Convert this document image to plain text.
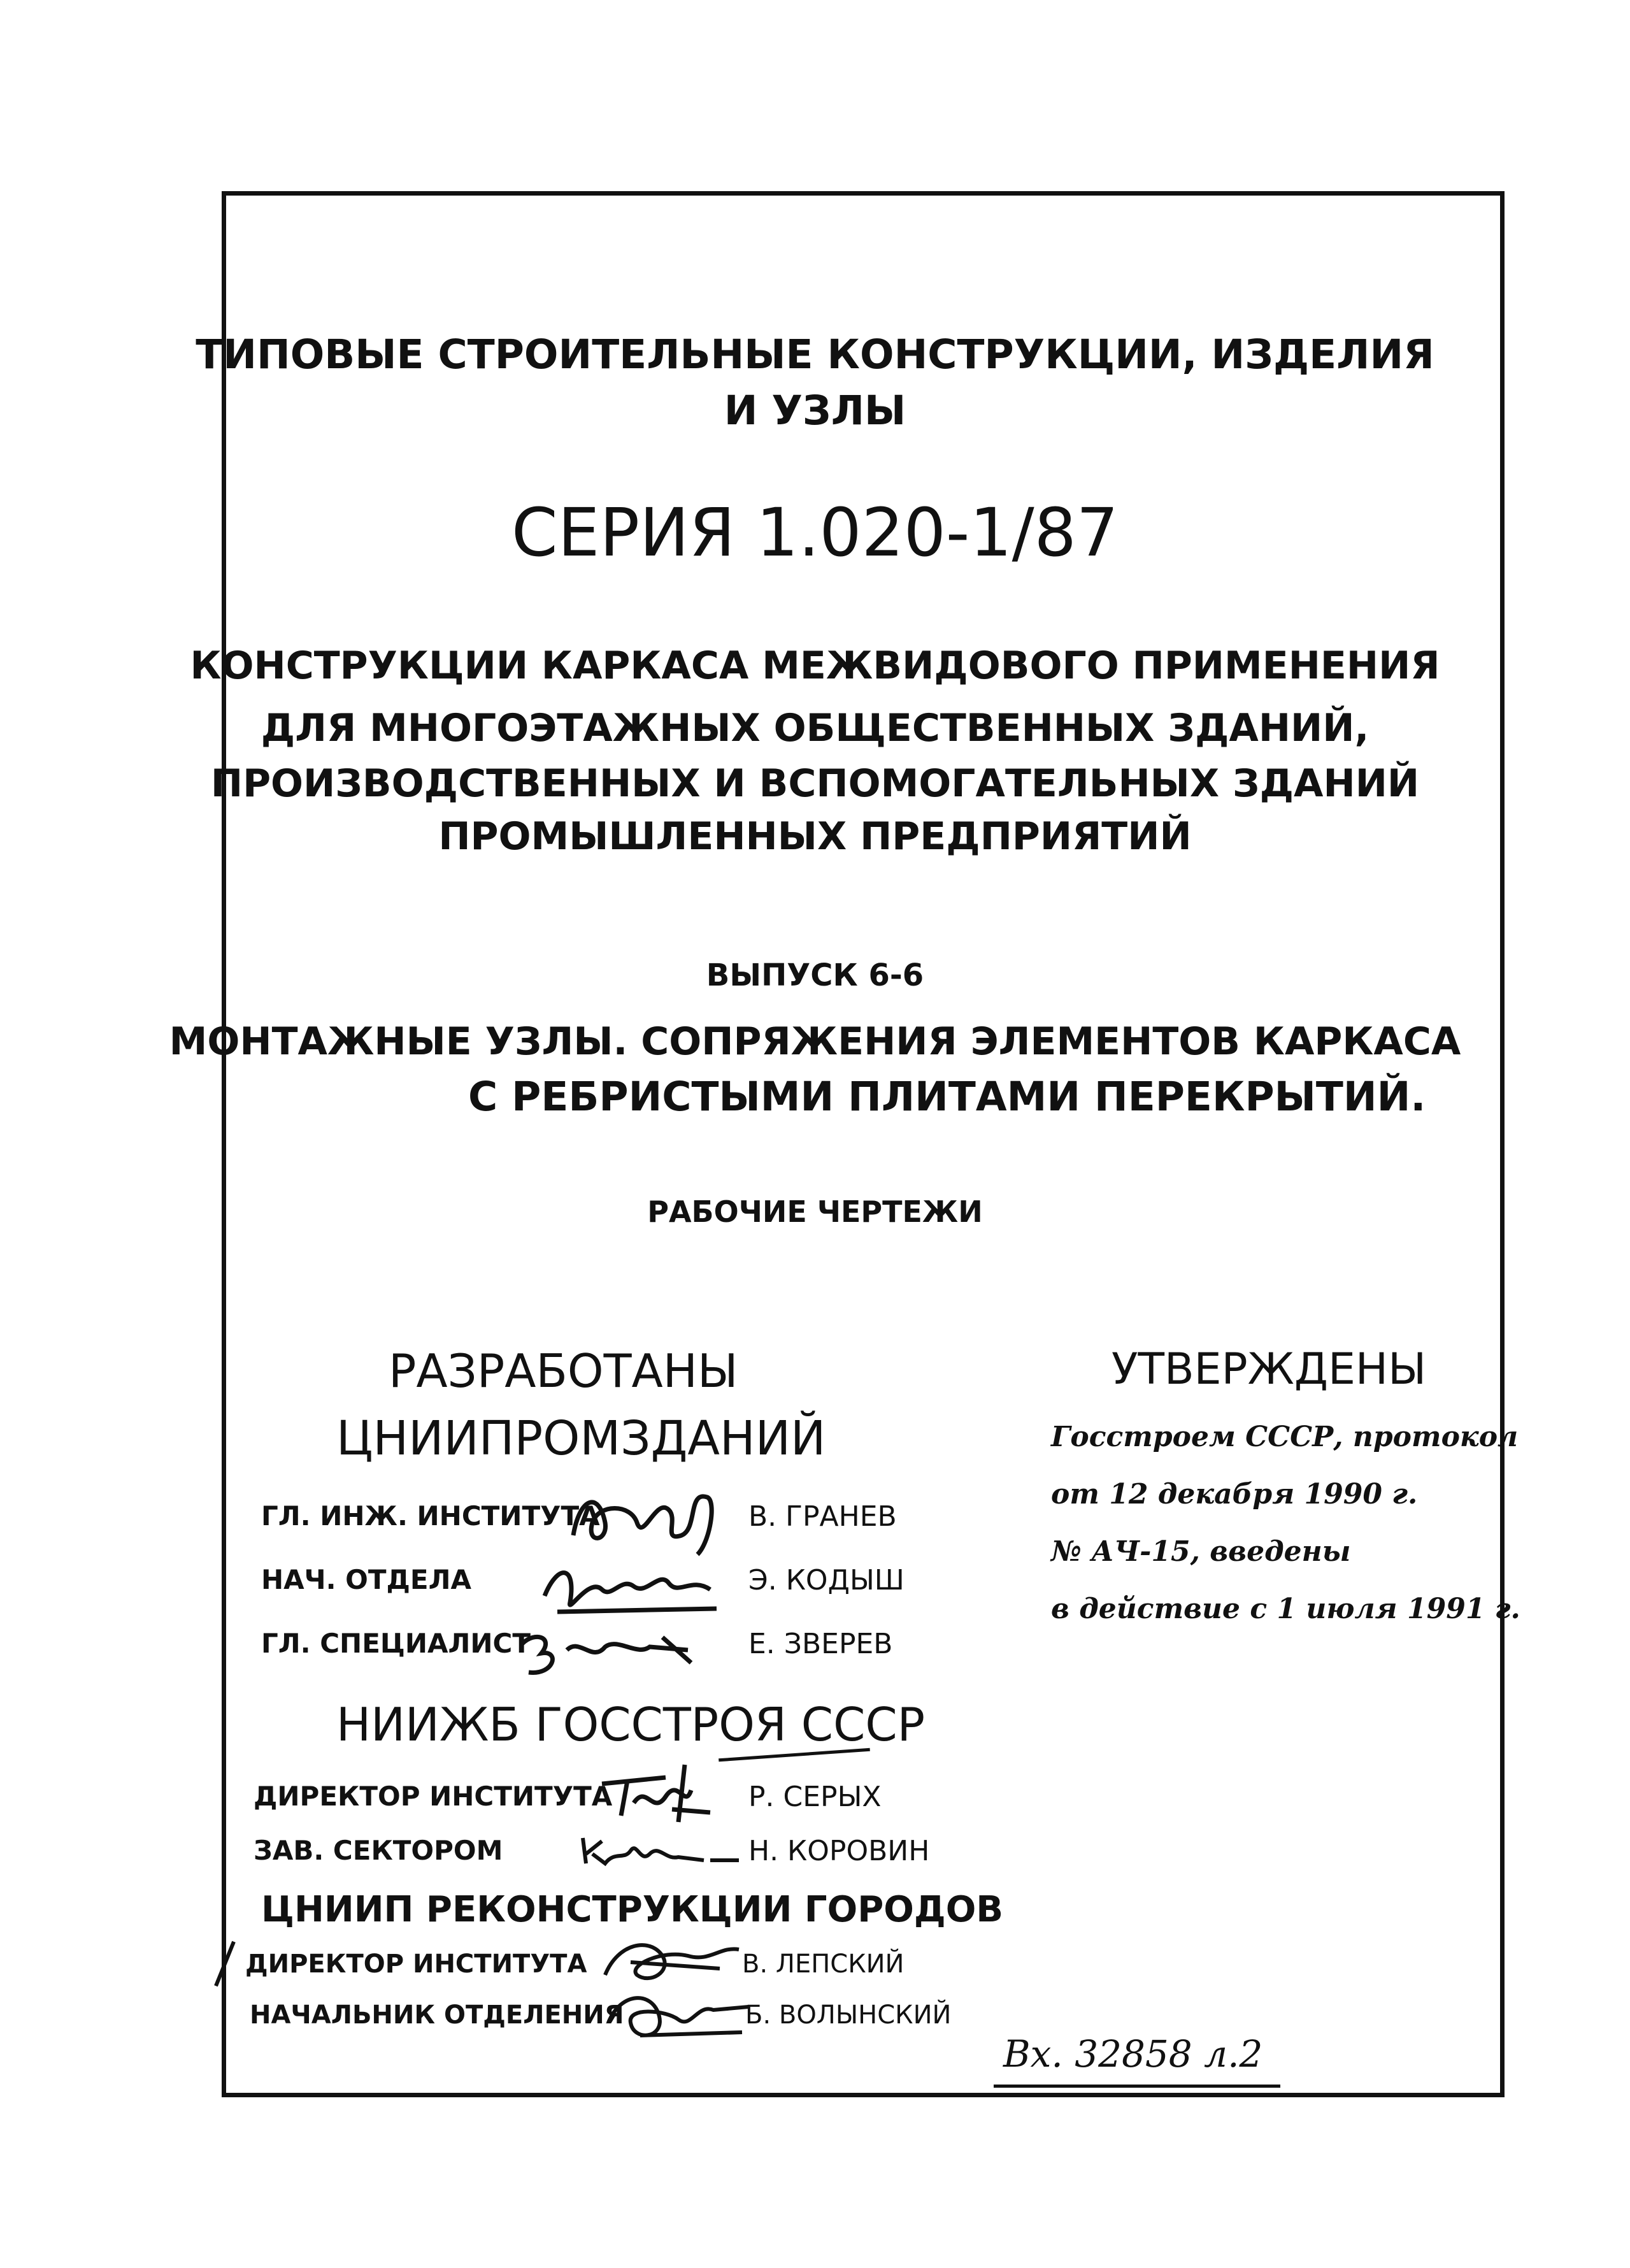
ТИПОВЫЕ СТРОИТЕЛЬНЫЕ КОНСТРУКЦИИ, ИЗДЕЛИЯ
И УЗЛЫ
СЕРИЯ 1.020-1/87
КОНСТРУКЦИИ КАРКАСА МЕЖВИДОВОГО ПРИМЕНЕНИЯ
ДЛЯ МНОГОЭТАЖНЫХ ОБЩЕСТВЕННЫХ ЗДАНИЙ,
ПРОИЗВОДСТВЕННЫХ И ВСПОМОГАТЕЛЬНЫХ ЗДАНИЙ
ПРОМЫШЛЕННЫХ ПРЕДПРИЯТИЙ
ВЫПУСК 6-6
МОНТАЖНЫЕ УЗЛЫ. СОПРЯЖЕНИЯ ЭЛЕМЕНТОВ КАРКАСА
С РЕБРИСТЫМИ ПЛИТАМИ ПЕРЕКРЫТИЙ.
РАБОЧИЕ ЧЕРТЕЖИ
РАЗРАБОТАНЫ
ЦНИИПРОМЗДАНИЙ
ГЛ. ИНЖ. ИНСТИТУТА
НАЧ. ОТДЕЛА
ГЛ. СПЕЦИАЛИСТ
В. ГРАНЕВ
Э. КОДЫШ
Е. ЗВЕРЕВ
НИИЖБ ГОССТРОЯ СССР
ДИРЕКТОР ИНСТИТУТА
ЗАВ. СЕКТОРОМ
Р. СЕРЫХ
Н. КОРОВИН
ЦНИИП РЕКОНСТРУКЦИИ ГОРОДОВ
ДИРЕКТОР ИНСТИТУТА
НАЧАЛЬНИК ОТДЕЛЕНИЯ
В. ЛЕПСКИЙ
Б. ВОЛЫНСКИЙ
УТВЕРЖДЕНЫ
Госстроем СССР, протокол
от 12 декабря 1990 г.
№ АЧ-15, введены
в действие с 1 июля 1991 г.
Вх. 32858 л.2
